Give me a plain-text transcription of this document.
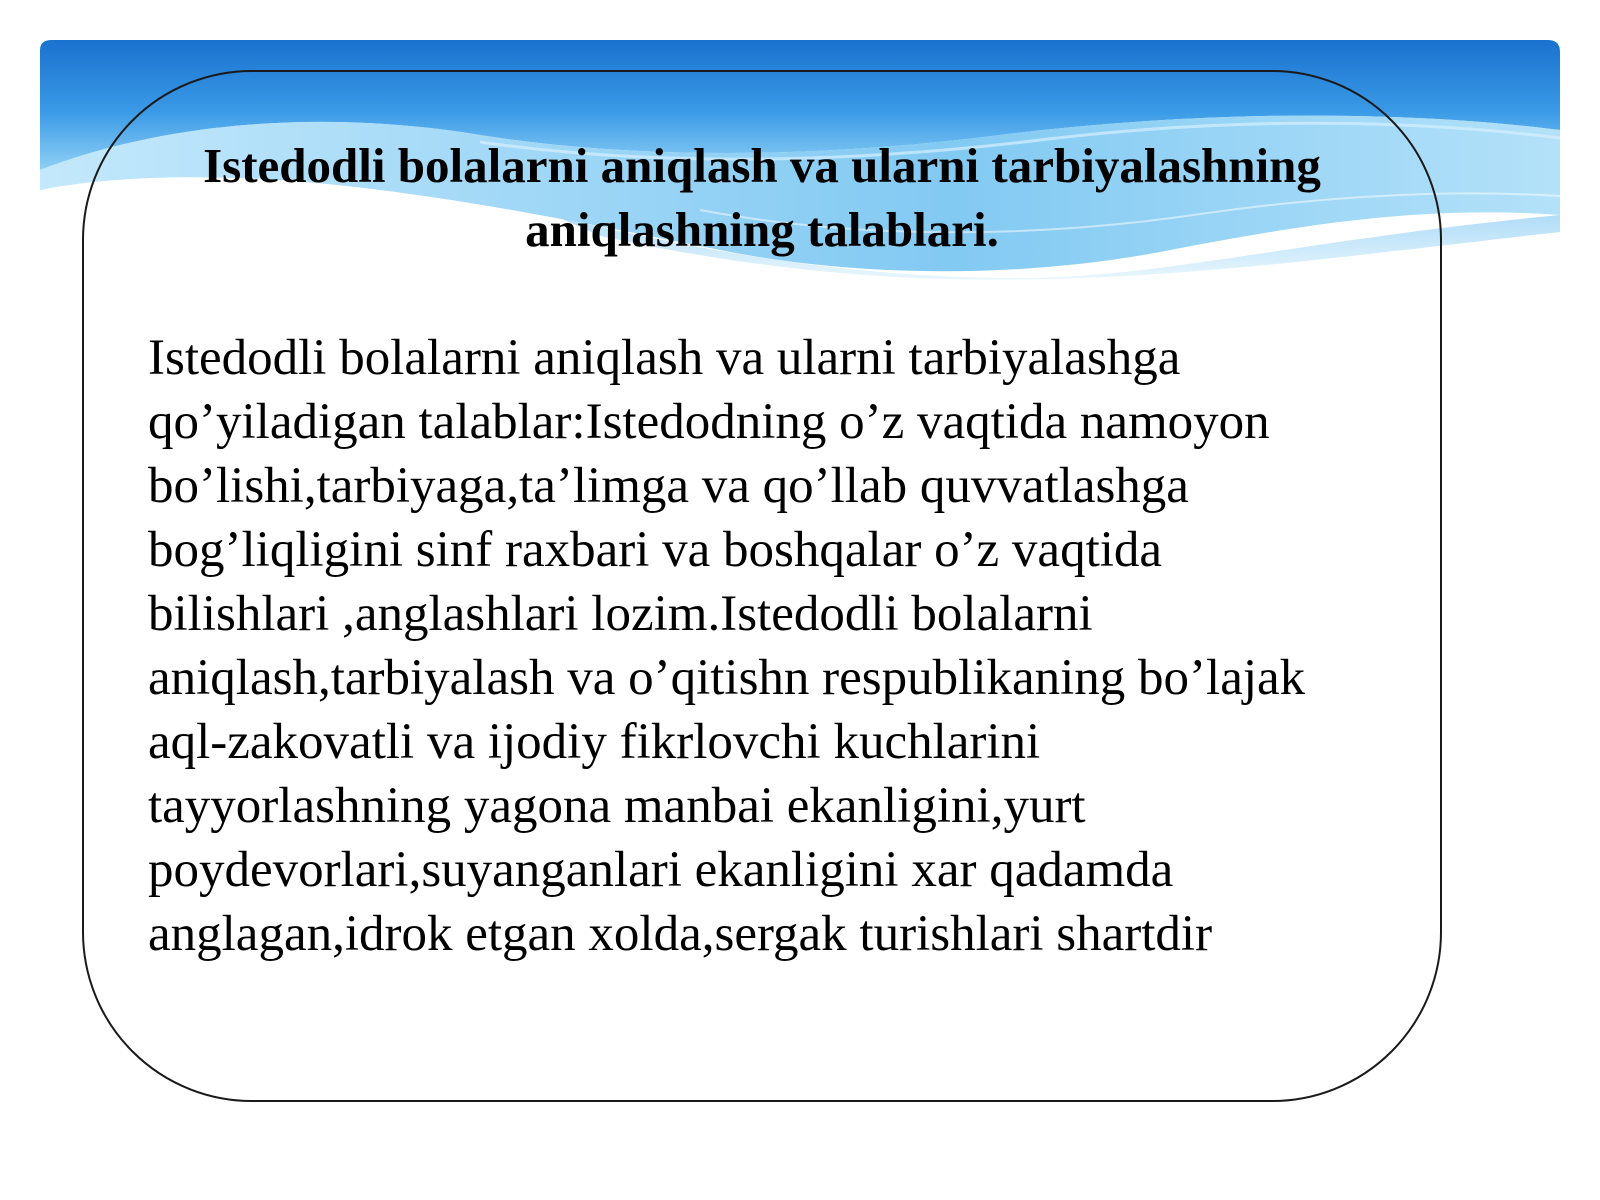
Istedodli bolalarni aniqlash va ularni tarbiyalashning
aniqlashning talablari.

Istedodli bolalarni aniqlash va ularni tarbiyalashga
qo’yiladigan talablar:Istedodning o’z vaqtida namoyon
bo’lishi,tarbiyaga,ta’limga va qo’llab quvvatlashga
bog’liqligini sinf raxbari va boshqalar o’z vaqtida
bilishlari ,anglashlari lozim.Istedodli bolalarni
aniqlash,tarbiyalash va o’qitishn respublikaning bo’lajak
aql-zakovatli va ijodiy fikrlovchi kuchlarini
tayyorlashning yagona manbai ekanligini,yurt
poydevorlari,suyanganlari ekanligini xar qadamda
anglagan,idrok etgan xolda,sergak turishlari shartdir
